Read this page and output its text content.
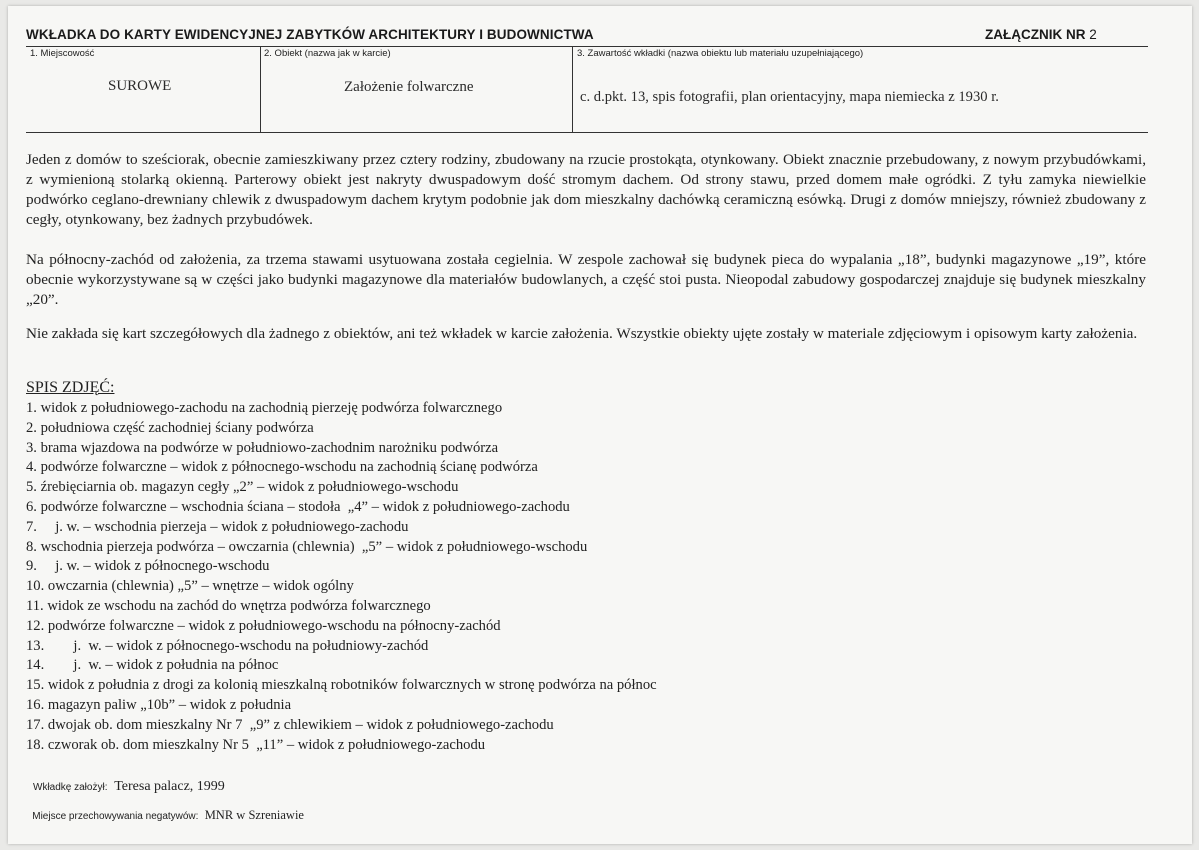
WKŁADKA DO KARTY EWIDENCYJNEJ ZABYTKÓW ARCHITEKTURY I BUDOWNICTWA	ZAŁĄCZNIK NR 2
1. Miejscowość
SUROWE
2. Obiekt (nazwa jak w karcie)
Założenie folwarczne
3. Zawartość wkładki (nazwa obiektu lub materiału uzupełniającego)
c. d.pkt. 13, spis fotografii, plan orientacyjny, mapa niemiecka z 1930 r.
Jeden z domów to sześciorak, obecnie zamieszkiwany przez cztery rodziny, zbudowany na rzucie prostokąta, otynkowany. Obiekt znacznie przebudowany, z nowym przybudówkami, z wymienioną stolarką okienną. Parterowy obiekt jest nakryty dwuspadowym dość stromym dachem. Od strony stawu, przed domem małe ogródki. Z tyłu zamyka niewielkie podwórko ceglano-drewniany chlewik z dwuspadowym dachem krytym podobnie jak dom mieszkalny dachówką ceramiczną esówką. Drugi z domów mniejszy, również zbudowany z cegły, otynkowany, bez żadnych przybudówek.
Na północny-zachód od założenia, za trzema stawami usytuowana została cegielnia. W zespole zachował się budynek pieca do wypalania „18”, budynki magazynowe „19”, które obecnie wykorzystywane są w części jako budynki magazynowe dla materiałów budowlanych, a część stoi pusta. Nieopodal zabudowy gospodarczej znajduje się budynek mieszkalny „20”.
Nie zakłada się kart szczegółowych dla żadnego z obiektów, ani też wkładek w karcie założenia. Wszystkie obiekty ujęte zostały w materiale zdjęciowym i opisowym karty założenia.
SPIS ZDJĘĆ:
1. widok z południowego-zachodu na zachodnią pierzeję podwórza folwarcznego
2. południowa część zachodniej ściany podwórza
3. brama wjazdowa na podwórze w południowo-zachodnim narożniku podwórza
4. podwórze folwarczne – widok z północnego-wschodu na zachodnią ścianę podwórza
5. źrebięciarnia ob. magazyn cegły „2” – widok z południowego-wschodu
6. podwórze folwarczne – wschodnia ściana – stodoła  „4” – widok z południowego-zachodu
7.     j. w. – wschodnia pierzeja – widok z południowego-zachodu
8. wschodnia pierzeja podwórza – owczarnia (chlewnia)  „5” – widok z południowego-wschodu
9.     j. w. – widok z północnego-wschodu
10. owczarnia (chlewnia) „5” – wnętrze – widok ogólny
11. widok ze wschodu na zachód do wnętrza podwórza folwarcznego
12. podwórze folwarczne – widok z południowego-wschodu na północny-zachód
13.        j.  w. – widok z północnego-wschodu na południowy-zachód
14.        j.  w. – widok z południa na północ
15. widok z południa z drogi za kolonią mieszkalną robotników folwarcznych w stronę podwórza na północ
16. magazyn paliw „10b” – widok z południa
17. dwojak ob. dom mieszkalny Nr 7  „9” z chlewikiem – widok z południowego-zachodu
18. czworak ob. dom mieszkalny Nr 5  „11” – widok z południowego-zachodu

Wkładkę założył: Teresa palacz, 1999

Miejsce przechowywania negatywów: MNR w Szreniawie
